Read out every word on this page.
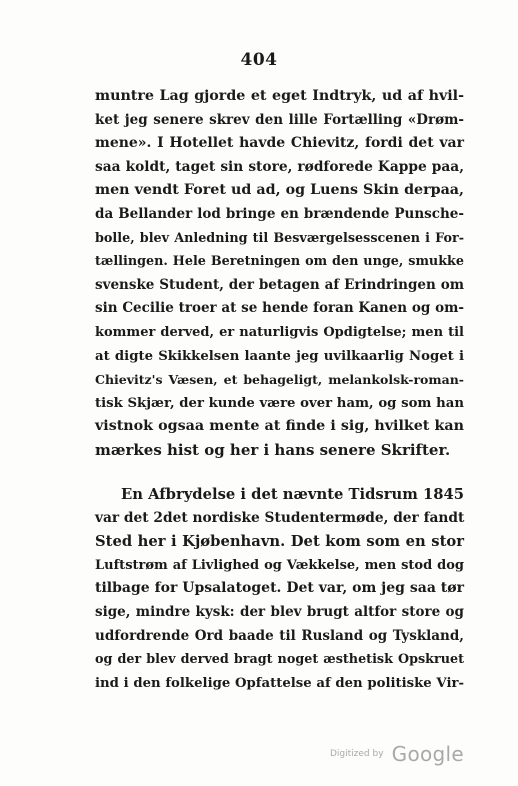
404
muntre Lag gjorde et eget Indtryk, ud af hvil-
ket jeg senere skrev den lille Fortælling «Drøm-
mene». I Hotellet havde Chievitz, fordi det var
saa koldt, taget sin store, rødforede Kappe paa,
men vendt Foret ud ad, og Luens Skin derpaa,
da Bellander lod bringe en brændende Punsche-
bolle, blev Anledning til Besværgelsesscenen i For-
tællingen. Hele Beretningen om den unge, smukke
svenske Student, der betagen af Erindringen om
sin Cecilie troer at se hende foran Kanen og om-
kommer derved, er naturligvis Opdigtelse; men til
at digte Skikkelsen laante jeg uvilkaarlig Noget i
Chievitz's Væsen, et behageligt, melankolsk-roman-
tisk Skjær, der kunde være over ham, og som han
vistnok ogsaa mente at finde i sig, hvilket kan
mærkes hist og her i hans senere Skrifter.
En Afbrydelse i det nævnte Tidsrum 1845
var det 2det nordiske Studentermøde, der fandt
Sted her i Kjøbenhavn. Det kom som en stor
Luftstrøm af Livlighed og Vækkelse, men stod dog
tilbage for Upsalatoget. Det var, om jeg saa tør
sige, mindre kysk: der blev brugt altfor store og
udfordrende Ord baade til Rusland og Tyskland,
og der blev derved bragt noget æsthetisk Opskruet
ind i den folkelige Opfattelse af den politiske Vir-
Digitized by Google
